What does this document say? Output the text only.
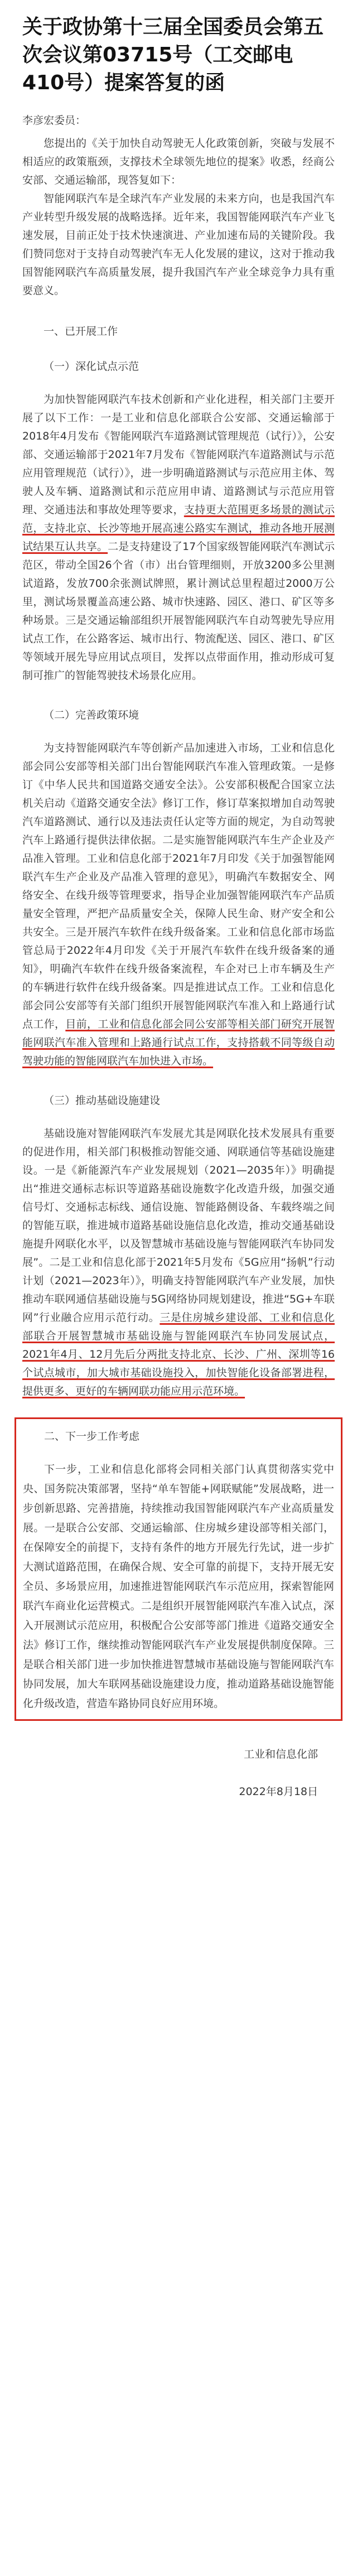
关于政协第十三届全国委员会第五次会议第03715号（工交邮电410号）提案答复的函

李彦宏委员：

您提出的《关于加快自动驾驶无人化政策创新，突破与发展不相适应的政策瓶颈，支撑技术全球领先地位的提案》收悉，经商公安部、交通运输部，现答复如下：

智能网联汽车是全球汽车产业发展的未来方向，也是我国汽车产业转型升级发展的战略选择。近年来，我国智能网联汽车产业飞速发展，目前正处于技术快速演进、产业加速布局的关键阶段。我们赞同您对于支持自动驾驶汽车无人化发展的建议，这对于推动我国智能网联汽车高质量发展，提升我国汽车产业全球竞争力具有重要意义。

一、已开展工作

（一）深化试点示范

为加快智能网联汽车技术创新和产业化进程，相关部门主要开展了以下工作：一是工业和信息化部联合公安部、交通运输部于2018年4月发布《智能网联汽车道路测试管理规范（试行）》，公安部、交通运输部于2021年7月发布《智能网联汽车道路测试与示范应用管理规范（试行）》，进一步明确道路测试与示范应用主体、驾驶人及车辆、道路测试和示范应用申请、道路测试与示范应用管理、交通违法和事故处理等要求，支持更大范围更多场景的测试示范，支持北京、长沙等地开展高速公路实车测试，推动各地开展测试结果互认共享。二是支持建设了17个国家级智能网联汽车测试示范区，带动全国26个省（市）出台管理细则，开放3200多公里测试道路，发放700余张测试牌照，累计测试总里程超过2000万公里，测试场景覆盖高速公路、城市快速路、园区、港口、矿区等多种场景。三是交通运输部组织开展智能网联汽车自动驾驶先导应用试点工作，在公路客运、城市出行、物流配送、园区、港口、矿区等领域开展先导应用试点项目，发挥以点带面作用，推动形成可复制可推广的智能驾驶技术场景化应用。

（二）完善政策环境

为支持智能网联汽车等创新产品加速进入市场，工业和信息化部会同公安部等相关部门出台智能网联汽车准入管理政策。一是修订《中华人民共和国道路交通安全法》。公安部积极配合国家立法机关启动《道路交通安全法》修订工作，修订草案拟增加自动驾驶汽车道路测试、通行以及违法责任认定等方面的规定，为自动驾驶汽车上路通行提供法律依据。二是实施智能网联汽车生产企业及产品准入管理。工业和信息化部于2021年7月印发《关于加强智能网联汽车生产企业及产品准入管理的意见》，明确汽车数据安全、网络安全、在线升级等管理要求，指导企业加强智能网联汽车产品质量安全管理，严把产品质量安全关，保障人民生命、财产安全和公共安全。三是开展汽车软件在线升级备案。工业和信息化部市场监管总局于2022年4月印发《关于开展汽车软件在线升级备案的通知》，明确汽车软件在线升级备案流程，车企对已上市车辆及生产的车辆进行软件在线升级备案。四是推进试点工作。工业和信息化部会同公安部等有关部门组织开展智能网联汽车准入和上路通行试点工作，目前，工业和信息化部会同公安部等相关部门研究开展智能网联汽车准入管理和上路通行试点工作，支持搭载不同等级自动驾驶功能的智能网联汽车加快进入市场。

（三）推动基础设施建设

基础设施对智能网联汽车发展尤其是网联化技术发展具有重要的促进作用，相关部门积极推动智能交通、网联通信等基础设施建设。一是《新能源汽车产业发展规划（2021—2035年）》明确提出“推进交通标志标识等道路基础设施数字化改造升级，加强交通信号灯、交通标志标线、通信设施、智能路侧设备、车载终端之间的智能互联，推进城市道路基础设施信息化改造，推动交通基础设施提升网联化水平，以及智慧城市基础设施与智能网联汽车协同发展”。二是工业和信息化部于2021年5月发布《5G应用“扬帆”行动计划（2021—2023年）》，明确支持智能网联汽车产业发展，加快推动车联网通信基础设施与5G网络协同规划建设，推进“5G+车联网”行业融合应用示范行动。三是住房城乡建设部、工业和信息化部联合开展智慧城市基础设施与智能网联汽车协同发展试点，2021年4月、12月先后分两批支持北京、长沙、广州、深圳等16个试点城市，加大城市基础设施投入，加快智能化设备部署进程，提供更多、更好的车辆网联功能应用示范环境。

二、下一步工作考虑

下一步，工业和信息化部将会同相关部门认真贯彻落实党中央、国务院决策部署，坚持“单车智能+网联赋能”发展战略，进一步创新思路、完善措施，持续推动我国智能网联汽车产业高质量发展。一是联合公安部、交通运输部、住房城乡建设部等相关部门，在保障安全的前提下，支持有条件的地方开展先行先试，进一步扩大测试道路范围，在确保合规、安全可靠的前提下，支持开展无安全员、多场景应用，加速推进智能网联汽车示范应用，探索智能网联汽车商业化运营模式。二是组织开展智能网联汽车准入试点，深入开展测试示范应用，积极配合公安部等部门推进《道路交通安全法》修订工作，继续推动智能网联汽车产业发展提供制度保障。三是联合相关部门进一步加快推进智慧城市基础设施与智能网联汽车协同发展，加大车联网基础设施建设力度，推动道路基础设施智能化升级改造，营造车路协同良好应用环境。

工业和信息化部

2022年8月18日
